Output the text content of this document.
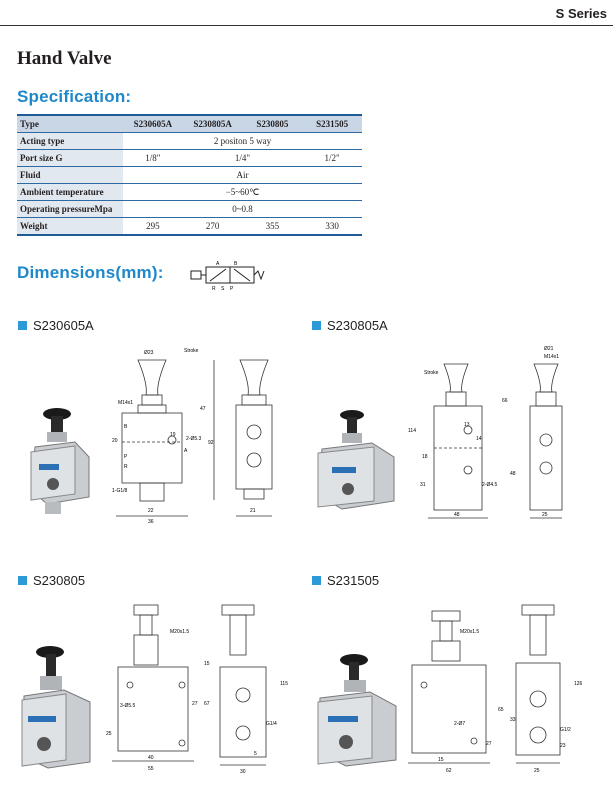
S Series
Hand Valve
Specification:
Type	S230605A	S230805A	S230805	S231505
Acting type	2 positon 5 way			
Port size G	1/8"	1/4"		1/2"
Fluid	Air			
Ambient temperature	−5~60℃			
Operating pressureMpa	0~0.8			
Weight	295	270	355	330
Dimensions(mm):	A	B
R S P
S230605A
Ø23	Stroke
M14x1
47
92
2-Ø5.3
20
19
B
A
P
R
1-G1/8
22
36
21
S230805A
Ø21
M14x1
Stroke
114
66
48
31
18
13
14
2-Ø4.5
48	25
S230805
M20x1.5
15
115
27 67
25
3-Ø5.5
G1/4
40
55
5
30
S231505
M20x1.5
126
65
33
2-Ø7
27	23
G1/2
15
62	25
